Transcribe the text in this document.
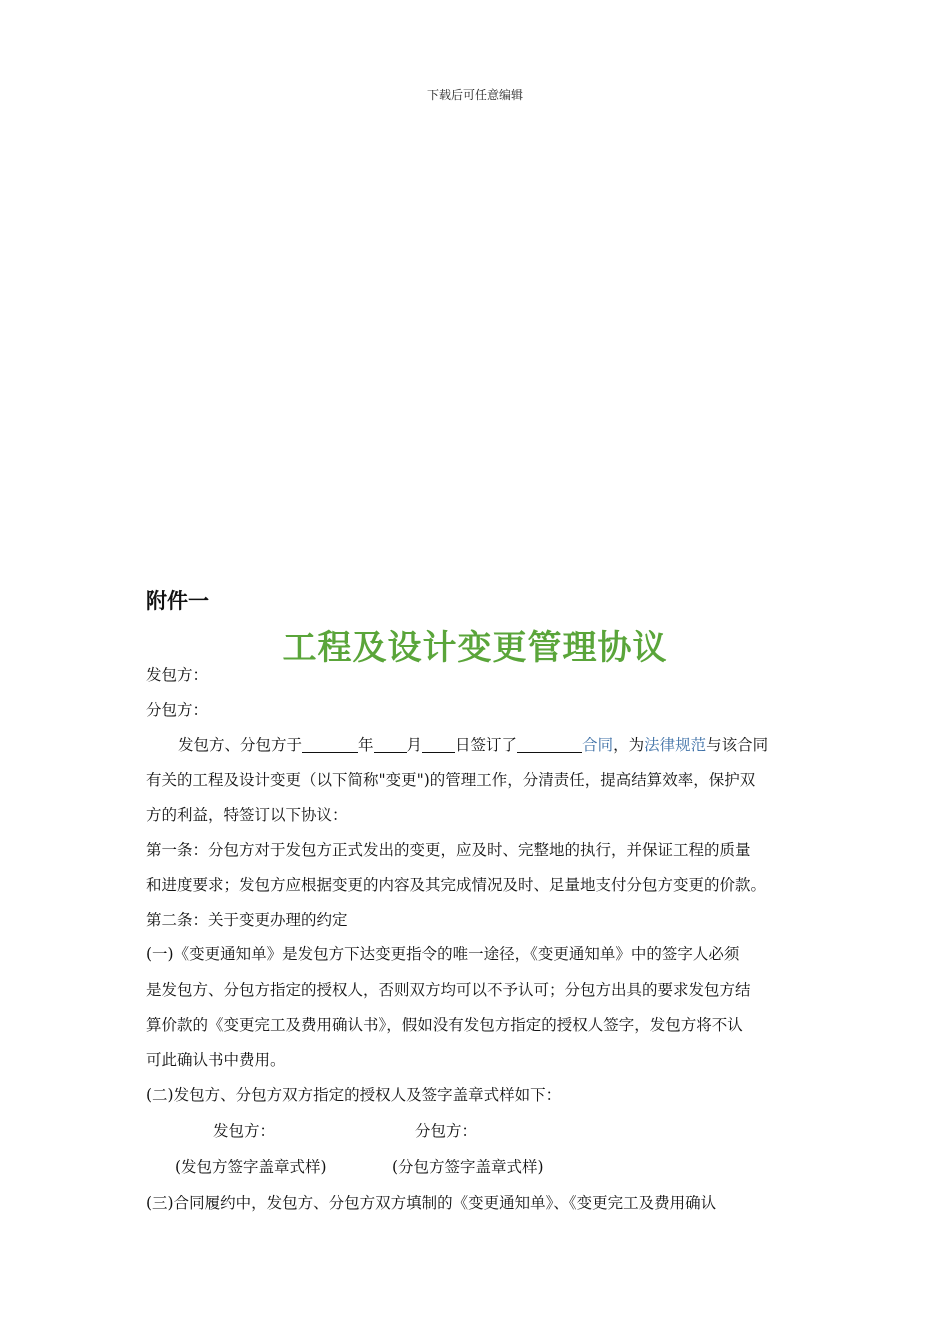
下载后可任意编辑
附件一
工程及设计变更管理协议
发包方：
分包方：
发包方、分包方于	年 月 日签订了	合同，为法律规范与该合同
有关的工程及设计变更（以下简称"变更")的管理工作，分清责任，提高结算效率，保护双
方的利益，特签订以下协议：
第一条：分包方对于发包方正式发出的变更，应及时、完整地的执行，并保证工程的质量
和进度要求；发包方应根据变更的内容及其完成情况及时、足量地支付分包方变更的价款。
第二条：关于变更办理的约定
(一)《变更通知单》是发包方下达变更指令的唯一途径，《变更通知单》中的签字人必须
是发包方、分包方指定的授权人，否则双方均可以不予认可；分包方出具的要求发包方结
算价款的《变更完工及费用确认书》，假如没有发包方指定的授权人签字，发包方将不认
可此确认书中费用。
(二)发包方、分包方双方指定的授权人及签字盖章式样如下：
发包方：	分包方：
(发包方签字盖章式样)	(分包方签字盖章式样)
(三)合同履约中，发包方、分包方双方填制的《变更通知单》、《变更完工及费用确认
